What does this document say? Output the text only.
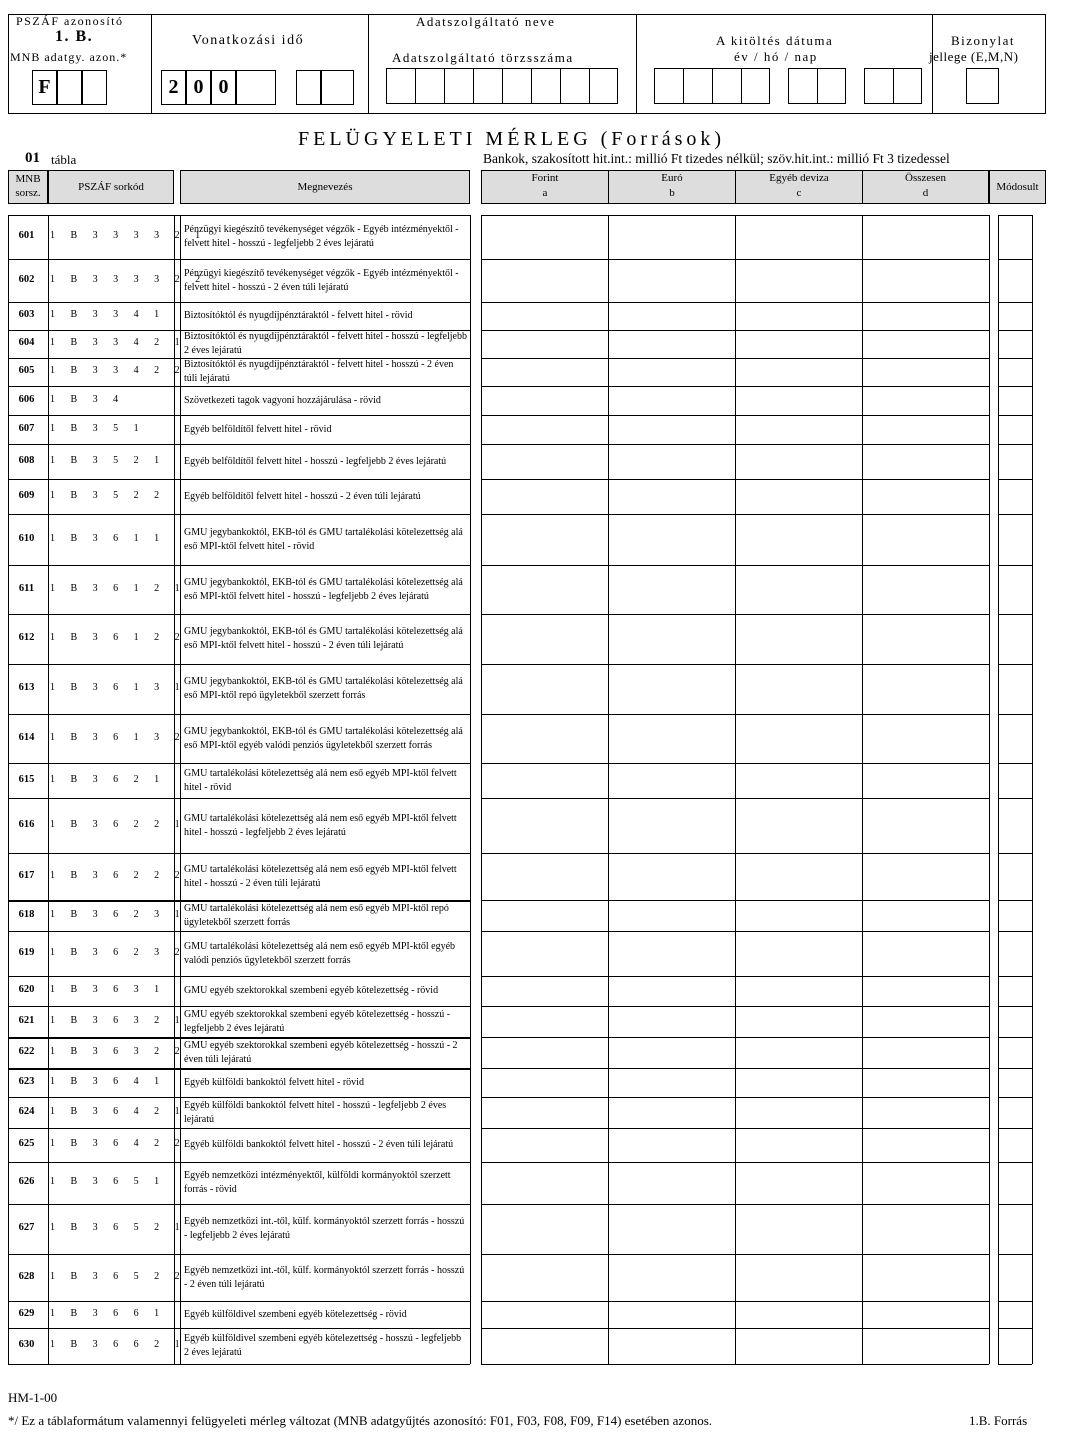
PSZÁF azonosító
1. B.
MNB adatgy. azon.*
F
Vonatkozási idő
2 0 0
Adatszolgáltató neve
Adatszolgáltató törzsszáma
A kitöltés dátuma
év / hó / nap
Bizonylat
jellege (E,M,N)
FELÜGYELETI MÉRLEG (Források)
01 tábla	Bankok, szakosított hit.int.: millió Ft tizedes nélkül; szöv.hit.int.: millió Ft 3 tizedessel
MNB sorsz.	PSZÁF sorkód	Megnevezés
Forint
a
Euró
b
Egyéb deviza
c
Összesen
d	Módosult
601	1 B 3 3 3 3 2 1
Pénzügyi kiegészítő tevékenységet végzők - Egyéb intézményektől - felvett hitel - hosszú - legfeljebb 2 éves lejáratú
602	1 B 3 3 3 3 2 2
Pénzügyi kiegészítő tevékenységet végzők - Egyéb intézményektől - felvett hitel - hosszú - 2 éven túli lejáratú
603	1 B 3 3 4 1	Biztosítóktól és nyugdíjpénztáraktól - felvett hitel - rövid
604	1 B 3 3 4 2 1
Biztosítóktól és nyugdíjpénztáraktól - felvett hitel - hosszú - legfeljebb 2 éves lejáratú
605	1 B 3 3 4 2 2
Biztosítóktól és nyugdíjpénztáraktól - felvett hitel - hosszú - 2 éven túli lejáratú
606	1 B 3 4	Szövetkezeti tagok vagyoni hozzájárulása - rövid
607	1 B 3 5 1	Egyéb belföldítől felvett hitel - rövid
608	1 B 3 5 2 1	Egyéb belföldítől felvett hitel - hosszú - legfeljebb 2 éves lejáratú
609	1 B 3 5 2 2	Egyéb belföldítől felvett hitel - hosszú - 2 éven túli lejáratú
610	1 B 3 6 1 1
GMU jegybankoktól, EKB-tól és GMU tartalékolási kötelezettség alá eső MPI-ktől felvett hitel - rövid
611	1 B 3 6 1 2 1
GMU jegybankoktól, EKB-tól és GMU tartalékolási kötelezettség alá eső MPI-ktől felvett hitel - hosszú - legfeljebb 2 éves lejáratú
612	1 B 3 6 1 2 2
GMU jegybankoktól, EKB-tól és GMU tartalékolási kötelezettség alá eső MPI-ktől felvett hitel - hosszú - 2 éven túli lejáratú
613	1 B 3 6 1 3 1
GMU jegybankoktól, EKB-tól és GMU tartalékolási kötelezettség alá eső MPI-ktől repó ügyletekből szerzett forrás
614	1 B 3 6 1 3 2
GMU jegybankoktól, EKB-tól és GMU tartalékolási kötelezettség alá eső MPI-ktől egyéb valódi penziós ügyletekből szerzett forrás
615	1 B 3 6 2 1
GMU tartalékolási kötelezettség alá nem eső egyéb MPI-ktől felvett hitel - rövid
616	1 B 3 6 2 2 1
GMU tartalékolási kötelezettség alá nem eső egyéb MPI-ktől felvett hitel - hosszú - legfeljebb 2 éves lejáratú
617	1 B 3 6 2 2 2
GMU tartalékolási kötelezettség alá nem eső egyéb MPI-ktől felvett hitel - hosszú - 2 éven túli lejáratú
618	1 B 3 6 2 3 1
GMU tartalékolási kötelezettség alá nem eső egyéb MPI-ktől repó ügyletekből szerzett forrás
619	1 B 3 6 2 3 2
GMU tartalékolási kötelezettség alá nem eső egyéb MPI-ktől egyéb valódi penziós ügyletekből szerzett forrás
620	1 B 3 6 3 1	GMU egyéb szektorokkal szembeni egyéb kötelezettség - rövid
621	1 B 3 6 3 2 1
GMU egyéb szektorokkal szembeni egyéb kötelezettség - hosszú - legfeljebb 2 éves lejáratú
622	1 B 3 6 3 2 2
GMU egyéb szektorokkal szembeni egyéb kötelezettség - hosszú - 2 éven túli lejáratú
623	1 B 3 6 4 1	Egyéb külföldi bankoktól felvett hitel - rövid
624	1 B 3 6 4 2 1
Egyéb külföldi bankoktól felvett hitel - hosszú - legfeljebb 2 éves lejáratú
625	1 B 3 6 4 2 2
Egyéb külföldi bankoktól felvett hitel - hosszú - 2 éven túli lejáratú
626	1 B 3 6 5 1
Egyéb nemzetközi intézményektől, külföldi kormányoktól szerzett forrás - rövid
627	1 B 3 6 5 2 1
Egyéb nemzetközi int.-től, külf. kormányoktól szerzett forrás - hosszú - legfeljebb 2 éves lejáratú
628	1 B 3 6 5 2 2
Egyéb nemzetközi int.-től, külf. kormányoktól szerzett forrás - hosszú - 2 éven túli lejáratú
629	1 B 3 6 6 1	Egyéb külföldivel szembeni egyéb kötelezettség - rövid
630	1 B 3 6 6 2 1
Egyéb külföldivel szembeni egyéb kötelezettség - hosszú - legfeljebb 2 éves lejáratú
HM-1-00
*/ Ez a táblaformátum valamennyi felügyeleti mérleg változat (MNB adatgyűjtés azonosító: F01, F03, F08, F09, F14) esetében azonos.	1.B. Forrás
